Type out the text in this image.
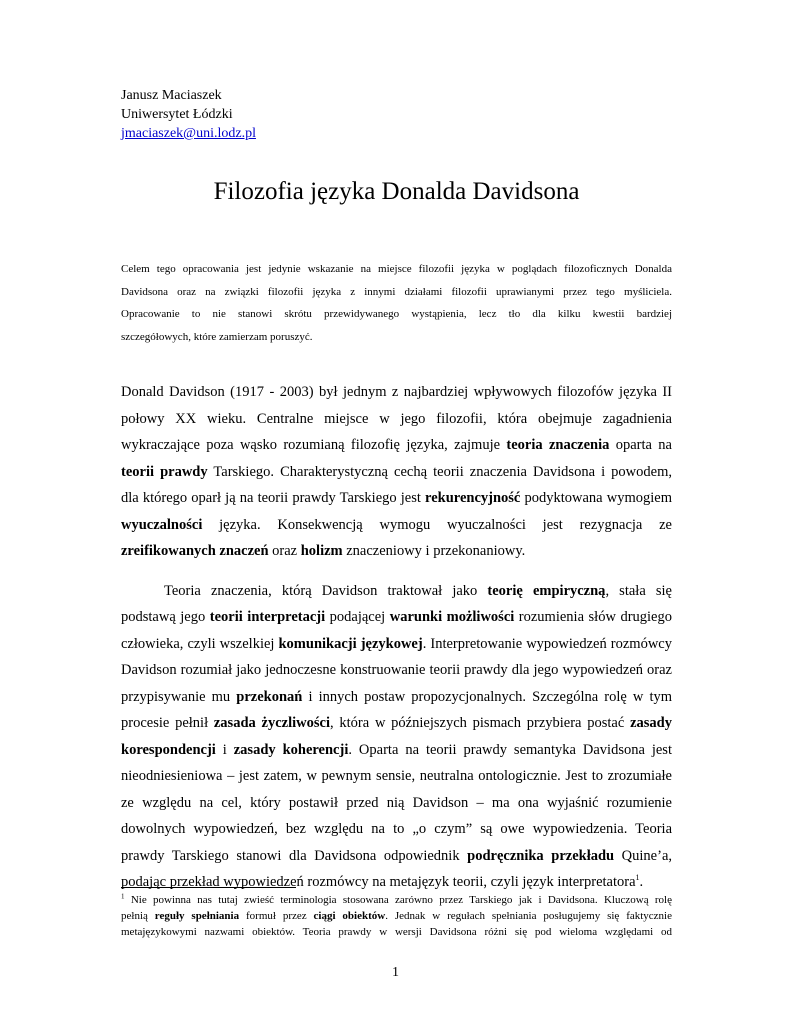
Janusz Maciaszek
Uniwersytet Łódzki
jmaciaszek@uni.lodz.pl
Filozofia języka Donalda Davidsona
Celem tego opracowania jest jedynie wskazanie na miejsce filozofii języka w poglądach filozoficznych Donalda
Davidsona oraz na związki filozofii języka z innymi działami filozofii uprawianymi przez tego myśliciela.
Opracowanie to nie stanowi skrótu przewidywanego wystąpienia, lecz tło dla kilku kwestii bardziej
szczegółowych, które zamierzam poruszyć.
Donald Davidson (1917 - 2003) był jednym z najbardziej wpływowych filozofów języka II
połowy XX wieku. Centralne miejsce w jego filozofii, która obejmuje zagadnienia
wykraczające poza wąsko rozumianą filozofię języka, zajmuje teoria znaczenia oparta na
teorii prawdy Tarskiego. Charakterystyczną cechą teorii znaczenia Davidsona i powodem,
dla którego oparł ją na teorii prawdy Tarskiego jest rekurencyjność podyktowana wymogiem
wyuczalności języka. Konsekwencją wymogu wyuczalności jest rezygnacja ze
zreifikowanych znaczeń oraz holizm znaczeniowy i przekonaniowy.
Teoria znaczenia, którą Davidson traktował jako teorię empiryczną, stała się
podstawą jego teorii interpretacji podającej warunki możliwości rozumienia słów drugiego
człowieka, czyli wszelkiej komunikacji językowej. Interpretowanie wypowiedzeń rozmówcy
Davidson rozumiał jako jednoczesne konstruowanie teorii prawdy dla jego wypowiedzeń oraz
przypisywanie mu przekonań i innych postaw propozycjonalnych. Szczególna rolę w tym
procesie pełnił zasada życzliwości, która w późniejszych pismach przybiera postać zasady
korespondencji i zasady koherencji. Oparta na teorii prawdy semantyka Davidsona jest
nieodniesieniowa – jest zatem, w pewnym sensie, neutralna ontologicznie. Jest to zrozumiałe
ze względu na cel, który postawił przed nią Davidson – ma ona wyjaśnić rozumienie
dowolnych wypowiedzeń, bez względu na to „o czym” są owe wypowiedzenia. Teoria
prawdy Tarskiego stanowi dla Davidsona odpowiednik podręcznika przekładu Quine’a,
podając przekład wypowiedzeń rozmówcy na metajęzyk teorii, czyli język interpretatora$^1$.
$^1$ Nie powinna nas tutaj zwieść terminologia stosowana zarówno przez Tarskiego jak i Davidsona. Kluczową rolę
pełnią reguły spełniania formuł przez ciągi obiektów. Jednak w regułach spełniania posługujemy się faktycznie
metajęzykowymi nazwami obiektów. Teoria prawdy w wersji Davidsona różni się pod wieloma względami od
1
